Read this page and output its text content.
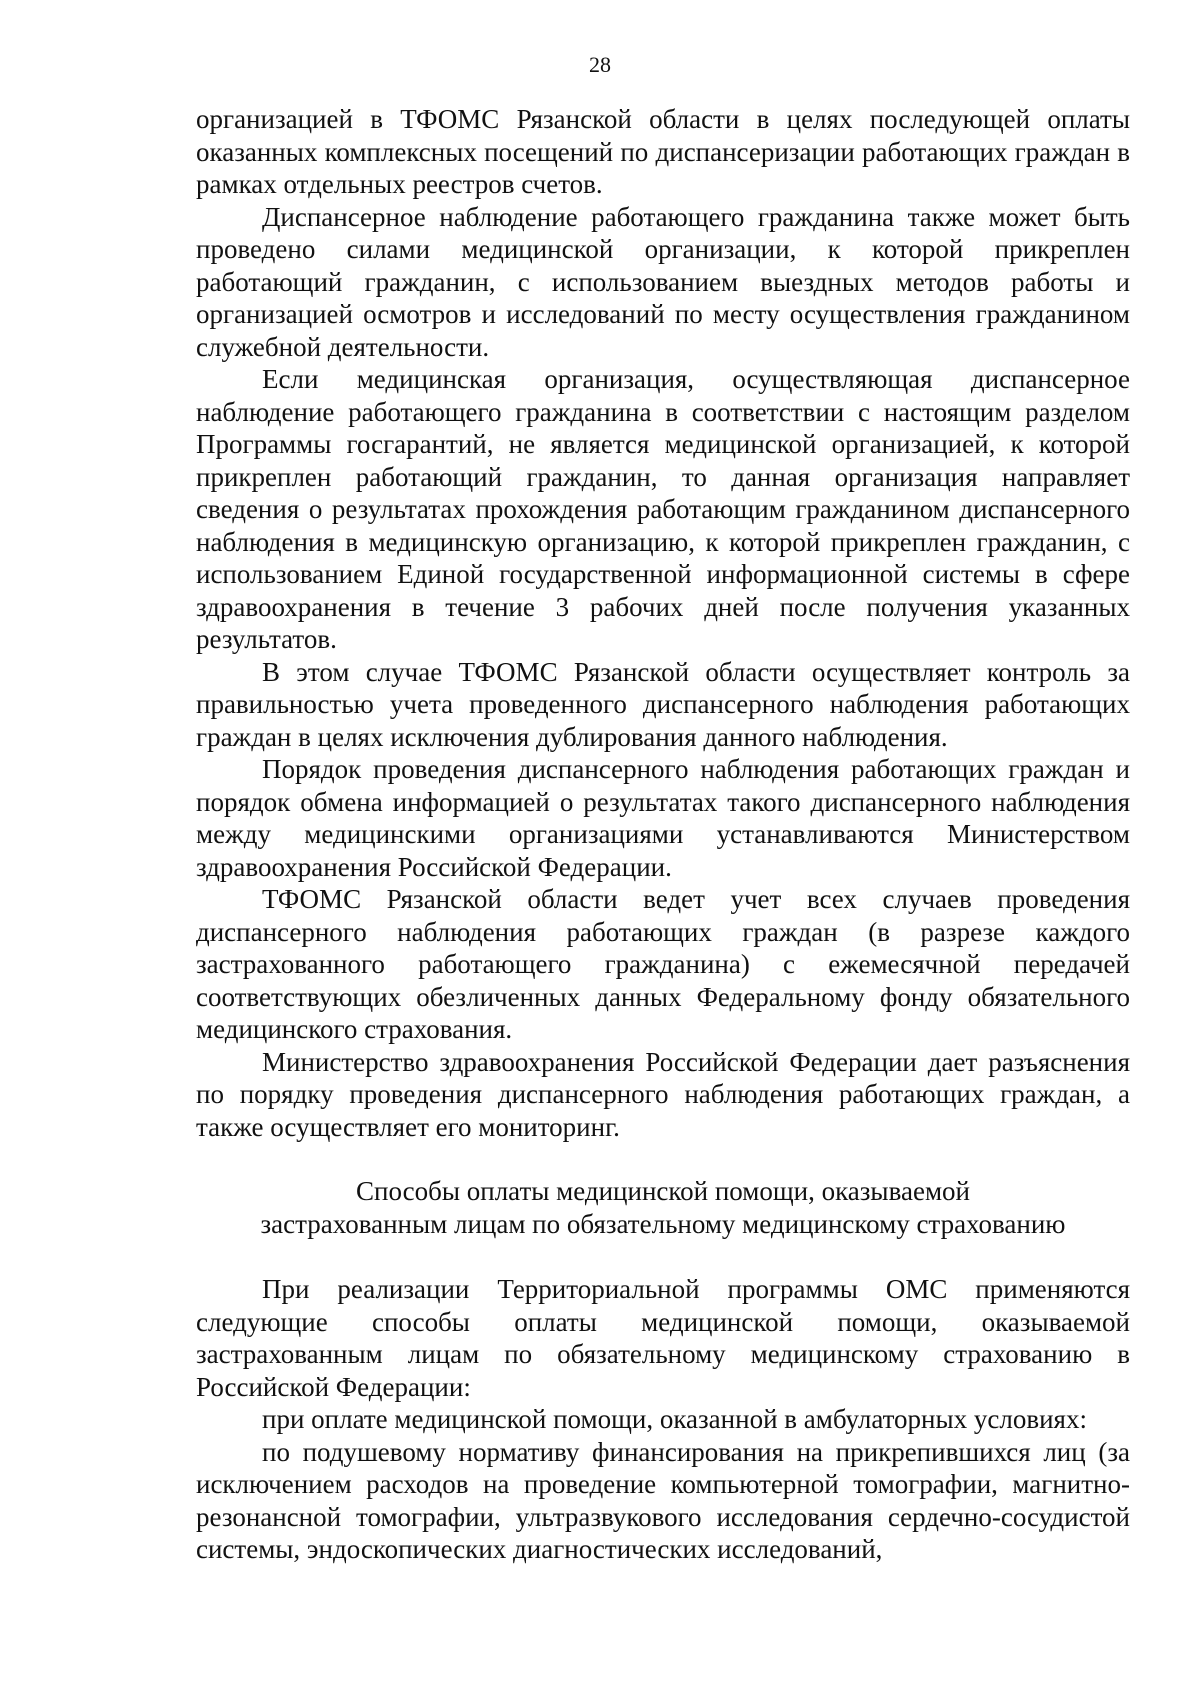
28

организацией в ТФОМС Рязанской области в целях последующей оплаты оказанных комплексных посещений по диспансеризации работающих граждан в рамках отдельных реестров счетов.

Диспансерное наблюдение работающего гражданина также может быть проведено силами медицинской организации, к которой прикреплен работающий гражданин, с использованием выездных методов работы и организацией осмотров и исследований по месту осуществления гражданином служебной деятельности.

Если медицинская организация, осуществляющая диспансерное наблюдение работающего гражданина в соответствии с настоящим разделом Программы госгарантий, не является медицинской организацией, к которой прикреплен работающий гражданин, то данная организация направляет сведения о результатах прохождения работающим гражданином диспансерного наблюдения в медицинскую организацию, к которой прикреплен гражданин, с использованием Единой государственной информационной системы в сфере здравоохранения в течение 3 рабочих дней после получения указанных результатов.

В этом случае ТФОМС Рязанской области осуществляет контроль за правильностью учета проведенного диспансерного наблюдения работающих граждан в целях исключения дублирования данного наблюдения.

Порядок проведения диспансерного наблюдения работающих граждан и порядок обмена информацией о результатах такого диспансерного наблюдения между медицинскими организациями устанавливаются Министерством здравоохранения Российской Федерации.

ТФОМС Рязанской области ведет учет всех случаев проведения диспансерного наблюдения работающих граждан (в разрезе каждого застрахованного работающего гражданина) с ежемесячной передачей соответствующих обезличенных данных Федеральному фонду обязательного медицинского страхования.

Министерство здравоохранения Российской Федерации дает разъяснения по порядку проведения диспансерного наблюдения работающих граждан, а также осуществляет его мониторинг.

Способы оплаты медицинской помощи, оказываемой
застрахованным лицам по обязательному медицинскому страхованию

При реализации Территориальной программы ОМС применяются следующие способы оплаты медицинской помощи, оказываемой застрахованным лицам по обязательному медицинскому страхованию в Российской Федерации:

при оплате медицинской помощи, оказанной в амбулаторных условиях:

по подушевому нормативу финансирования на прикрепившихся лиц (за исключением расходов на проведение компьютерной томографии, магнитно-резонансной томографии, ультразвукового исследования сердечно-сосудистой системы, эндоскопических диагностических исследований,
